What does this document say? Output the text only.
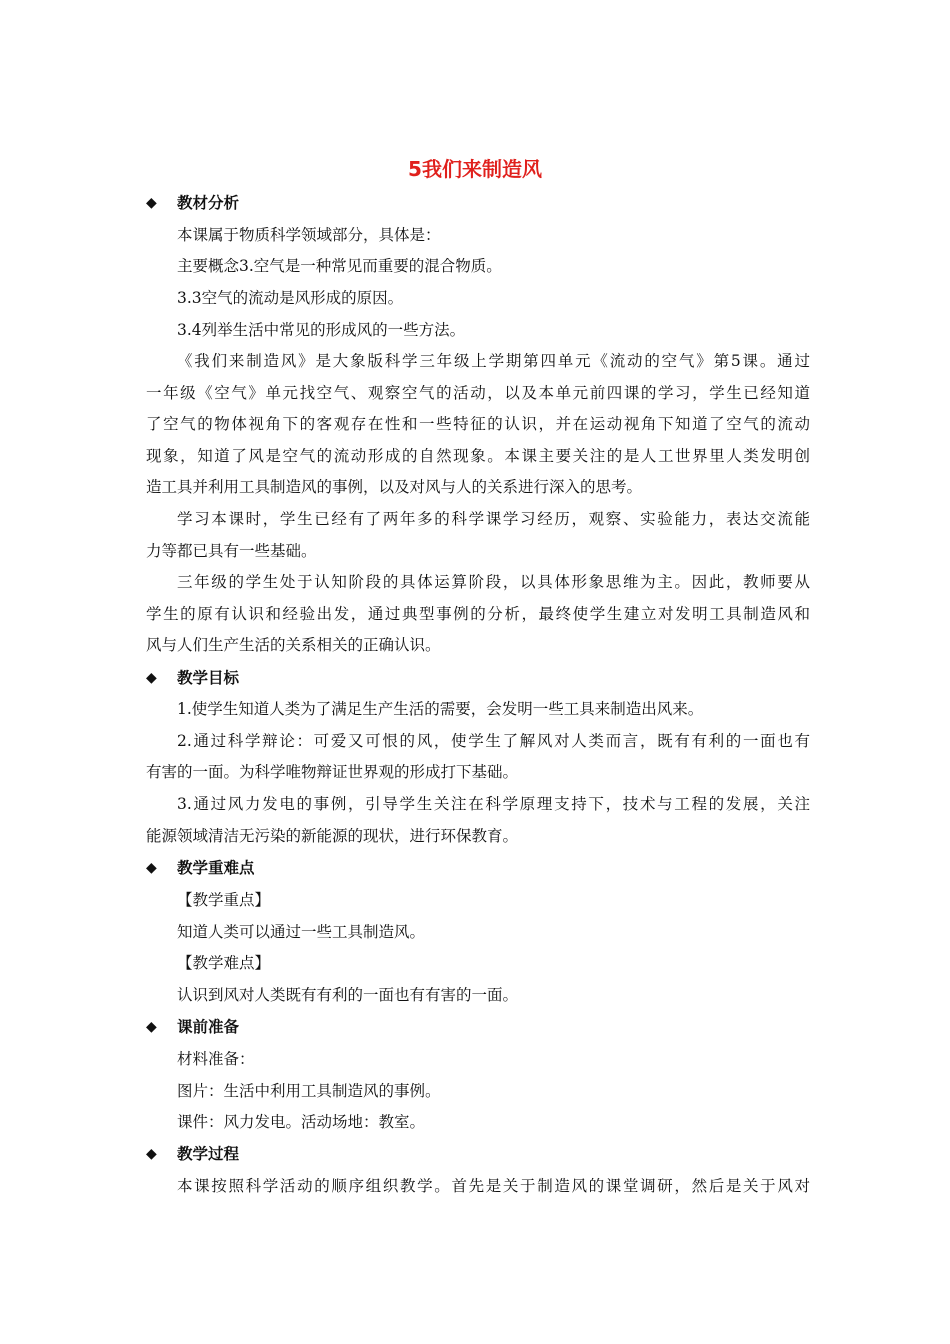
5我们来制造风
◆	教材分析
本课属于物质科学领域部分，具体是：
主要概念3.空气是一种常见而重要的混合物质。
3.3空气的流动是风形成的原因。
3.4列举生活中常见的形成风的一些方法。
《我们来制造风》是大象版科学三年级上学期第四单元《流动的空气》第5课。通过
一年级《空气》单元找空气、观察空气的活动，以及本单元前四课的学习，学生已经知道
了空气的物体视角下的客观存在性和一些特征的认识，并在运动视角下知道了空气的流动
现象，知道了风是空气的流动形成的自然现象。本课主要关注的是人工世界里人类发明创
造工具并利用工具制造风的事例，以及对风与人的关系进行深入的思考。
学习本课时，学生已经有了两年多的科学课学习经历，观察、实验能力，表达交流能
力等都已具有一些基础。
三年级的学生处于认知阶段的具体运算阶段，以具体形象思维为主。因此，教师要从
学生的原有认识和经验出发，通过典型事例的分析，最终使学生建立对发明工具制造风和
风与人们生产生活的关系相关的正确认识。
◆	教学目标
1.使学生知道人类为了满足生产生活的需要，会发明一些工具来制造出风来。
2.通过科学辩论：可爱又可恨的风，使学生了解风对人类而言，既有有利的一面也有
有害的一面。为科学唯物辩证世界观的形成打下基础。
3.通过风力发电的事例，引导学生关注在科学原理支持下，技术与工程的发展，关注
能源领域清洁无污染的新能源的现状，进行环保教育。
◆	教学重难点
【教学重点】
知道人类可以通过一些工具制造风。
【教学难点】
认识到风对人类既有有利的一面也有有害的一面。
◆	课前准备
材料准备：
图片：生活中利用工具制造风的事例。
课件：风力发电。活动场地：教室。
◆	教学过程
本课按照科学活动的顺序组织教学。首先是关于制造风的课堂调研，然后是关于风对
